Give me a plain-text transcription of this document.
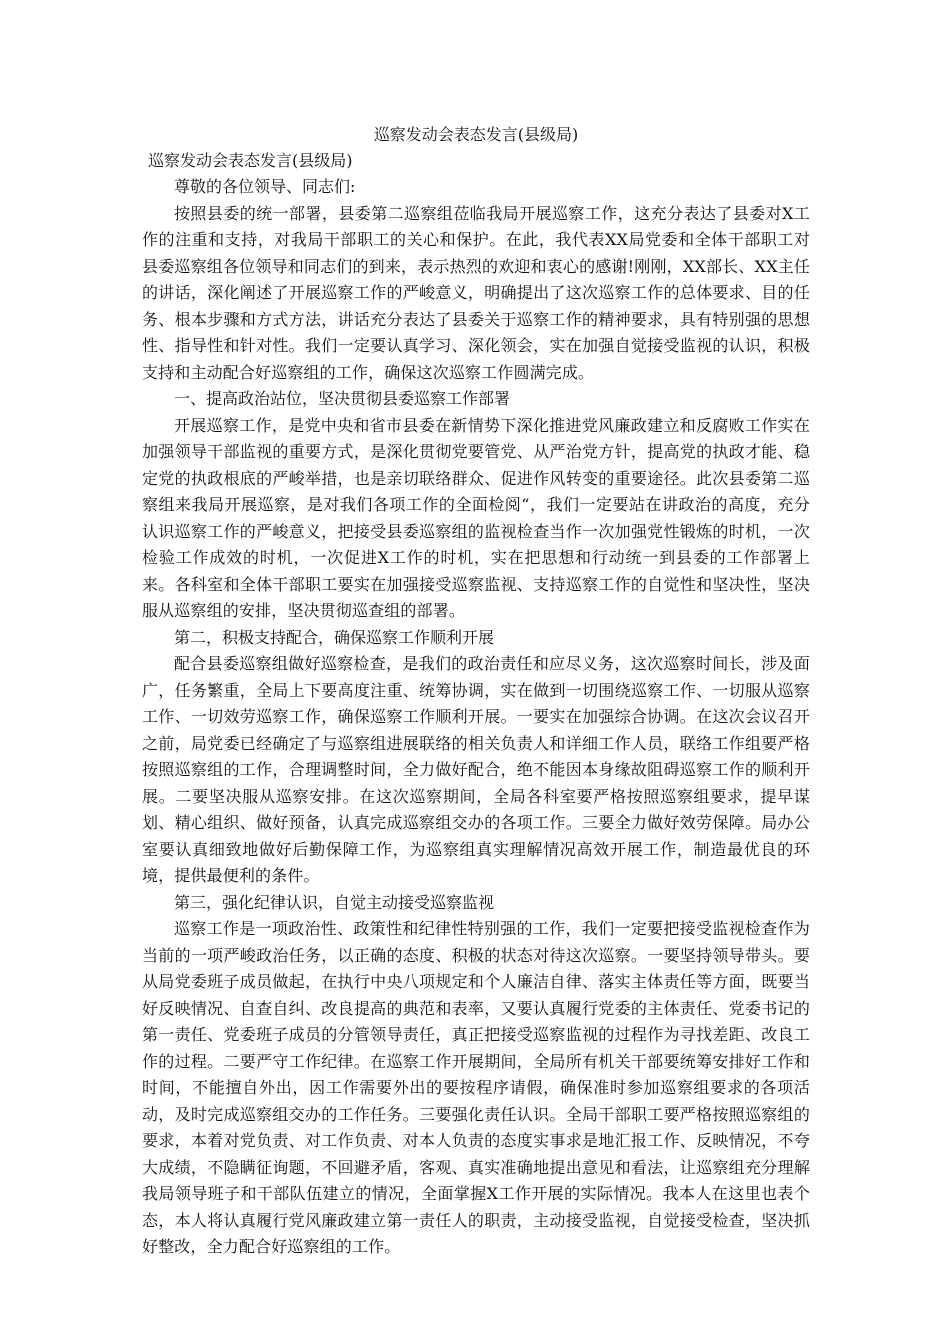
巡察发动会表态发言(县级局)
巡察发动会表态发言(县级局)

尊敬的各位领导、同志们:

按照县委的统一部署，县委第二巡察组莅临我局开展巡察工作，这充分表达了县委对X工作的注重和支持，对我局干部职工的关心和保护。在此，我代表XX局党委和全体干部职工对县委巡察组各位领导和同志们的到来，表示热烈的欢迎和衷心的感谢!刚刚，XX部长、XX主任的讲话，深化阐述了开展巡察工作的严峻意义，明确提出了这次巡察工作的总体要求、目的任务、根本步骤和方式方法，讲话充分表达了县委关于巡察工作的精神要求，具有特别强的思想性、指导性和针对性。我们一定要认真学习、深化领会，实在加强自觉接受监视的认识，积极支持和主动配合好巡察组的工作，确保这次巡察工作圆满完成。

一、提高政治站位，坚决贯彻县委巡察工作部署

开展巡察工作，是党中央和省市县委在新情势下深化推进党风廉政建立和反腐败工作实在加强领导干部监视的重要方式，是深化贯彻党要管党、从严治党方针，提高党的执政才能、稳定党的执政根底的严峻举措，也是亲切联络群众、促进作风转变的重要途径。此次县委第二巡察组来我局开展巡察，是对我们各项工作的全面检阅“，我们一定要站在讲政治的高度，充分认识巡察工作的严峻意义，把接受县委巡察组的监视检查当作一次加强党性锻炼的时机，一次检验工作成效的时机，一次促进X工作的时机，实在把思想和行动统一到县委的工作部署上来。各科室和全体干部职工要实在加强接受巡察监视、支持巡察工作的自觉性和坚决性，坚决服从巡察组的安排，坚决贯彻巡查组的部署。

第二，积极支持配合，确保巡察工作顺利开展

配合县委巡察组做好巡察检查，是我们的政治责任和应尽义务，这次巡察时间长，涉及面广，任务繁重，全局上下要高度注重、统筹协调，实在做到一切围绕巡察工作、一切服从巡察工作、一切效劳巡察工作，确保巡察工作顺利开展。一要实在加强综合协调。在这次会议召开之前，局党委已经确定了与巡察组进展联络的相关负责人和详细工作人员，联络工作组要严格按照巡察组的工作，合理调整时间，全力做好配合，绝不能因本身缘故阻碍巡察工作的顺利开展。二要坚决服从巡察安排。在这次巡察期间，全局各科室要严格按照巡察组要求，提早谋划、精心组织、做好预备，认真完成巡察组交办的各项工作。三要全力做好效劳保障。局办公室要认真细致地做好后勤保障工作，为巡察组真实理解情况高效开展工作，制造最优良的环境，提供最便利的条件。

第三，强化纪律认识，自觉主动接受巡察监视

巡察工作是一项政治性、政策性和纪律性特别强的工作，我们一定要把接受监视检查作为当前的一项严峻政治任务，以正确的态度、积极的状态对待这次巡察。一要坚持领导带头。要从局党委班子成员做起，在执行中央八项规定和个人廉洁自律、落实主体责任等方面，既要当好反映情况、自查自纠、改良提高的典范和表率，又要认真履行党委的主体责任、党委书记的第一责任、党委班子成员的分管领导责任，真正把接受巡察监视的过程作为寻找差距、改良工作的过程。二要严守工作纪律。在巡察工作开展期间，全局所有机关干部要统筹安排好工作和时间，不能擅自外出，因工作需要外出的要按程序请假，确保准时参加巡察组要求的各项活动，及时完成巡察组交办的工作任务。三要强化责任认识。全局干部职工要严格按照巡察组的要求，本着对党负责、对工作负责、对本人负责的态度实事求是地汇报工作、反映情况，不夸大成绩，不隐瞒征询题，不回避矛盾，客观、真实准确地提出意见和看法，让巡察组充分理解我局领导班子和干部队伍建立的情况，全面掌握X工作开展的实际情况。我本人在这里也表个态，本人将认真履行党风廉政建立第一责任人的职责，主动接受监视，自觉接受检查，坚决抓好整改，全力配合好巡察组的工作。
